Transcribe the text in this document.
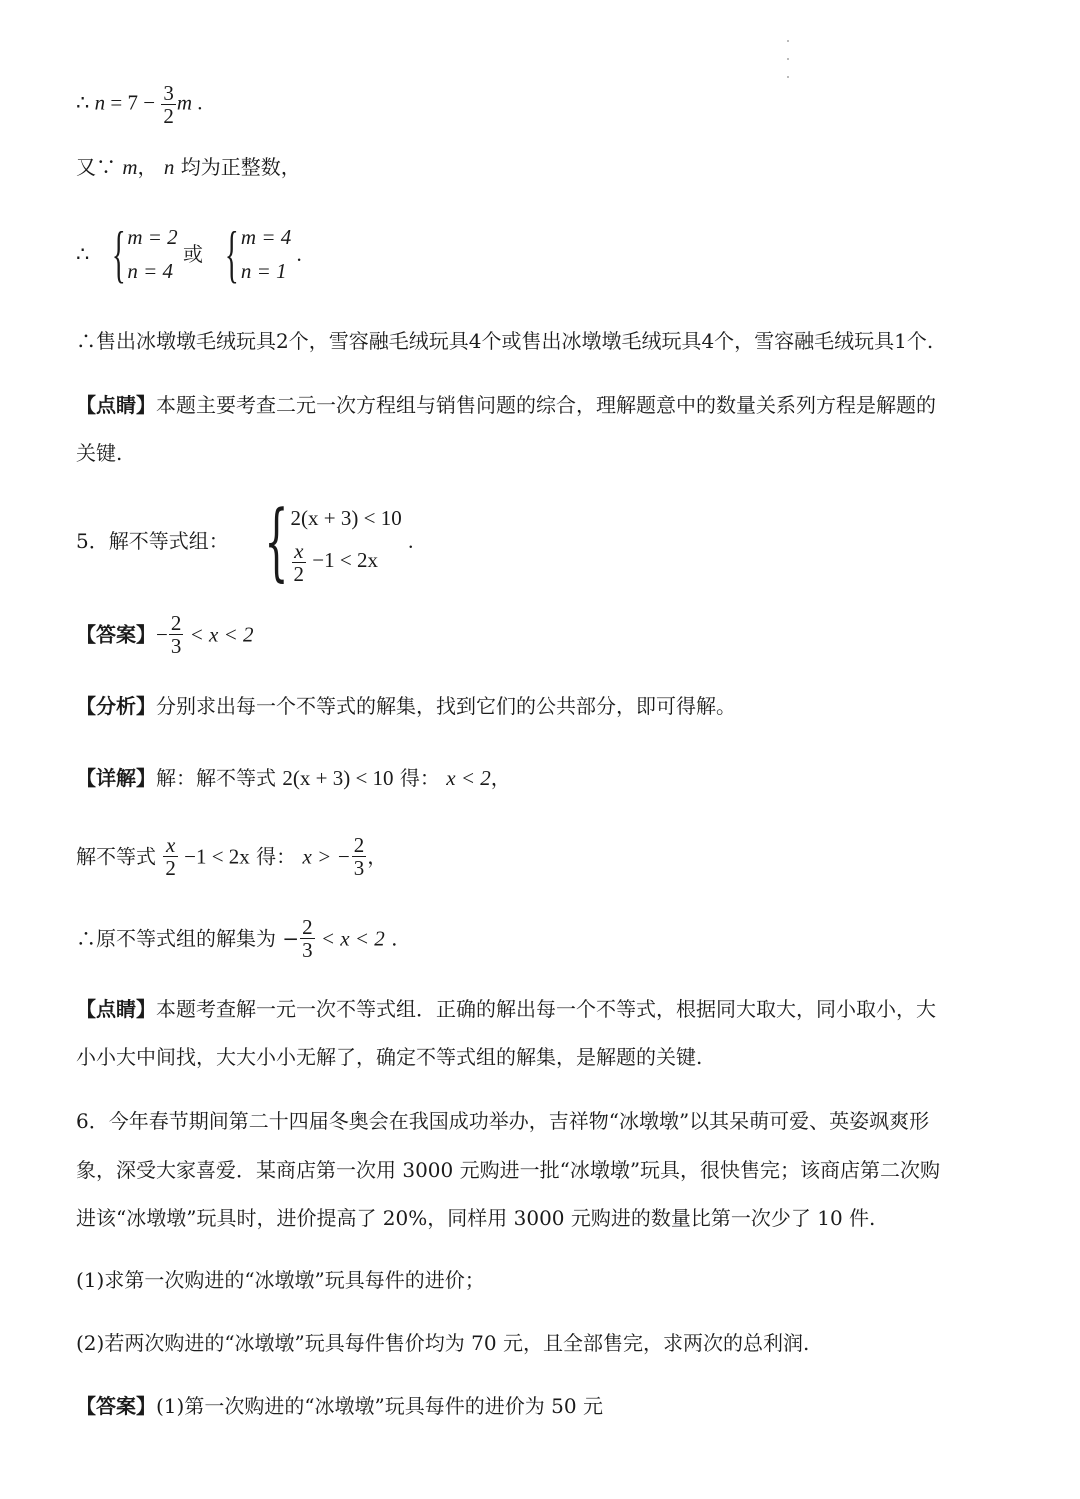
∴ $n = 7 - \frac{3}{2}$ m .
又∵ m， n 均为正整数，
∴ { m = 2
n = 4
或 { m = 4
n = 1
.
∴售出冰墩墩毛绒玩具2个，雪容融毛绒玩具4个或售出冰墩墩毛绒玩具4个，雪容融毛绒玩具1个.
【点睛】本题主要考查二元一次方程组与销售问题的综合，理解题意中的数量关系列方程是解题的
关键.
5．解不等式组： { 2(x + 3) < 10
$\frac{x}{2} -1 < 2x$
.
【答案】− $\frac{2}{3} < x < 2$
【分析】分别求出每一个不等式的解集，找到它们的公共部分，即可得解。
【详解】解：解不等式 2(x + 3) < 10 得： x < 2，
解不等式 $\frac{x}{2} -1 < 2x$ 得： x > − $\frac{2}{3}$ ，
∴原不等式组的解集为 − $\frac{2}{3} < x < 2$ .
【点睛】本题考查解一元一次不等式组．正确的解出每一个不等式，根据同大取大，同小取小，大
小小大中间找，大大小小无解了，确定不等式组的解集，是解题的关键.
6．今年春节期间第二十四届冬奥会在我国成功举办，吉祥物“冰墩墩”以其呆萌可爱、英姿飒爽形
象，深受大家喜爱．某商店第一次用 3000 元购进一批“冰墩墩”玩具，很快售完；该商店第二次购
进该“冰墩墩”玩具时，进价提高了 20%，同样用 3000 元购进的数量比第一次少了 10 件.
(1)求第一次购进的“冰墩墩”玩具每件的进价；
(2)若两次购进的“冰墩墩”玩具每件售价均为 70 元，且全部售完，求两次的总利润.
【答案】(1)第一次购进的“冰墩墩”玩具每件的进价为 50 元
